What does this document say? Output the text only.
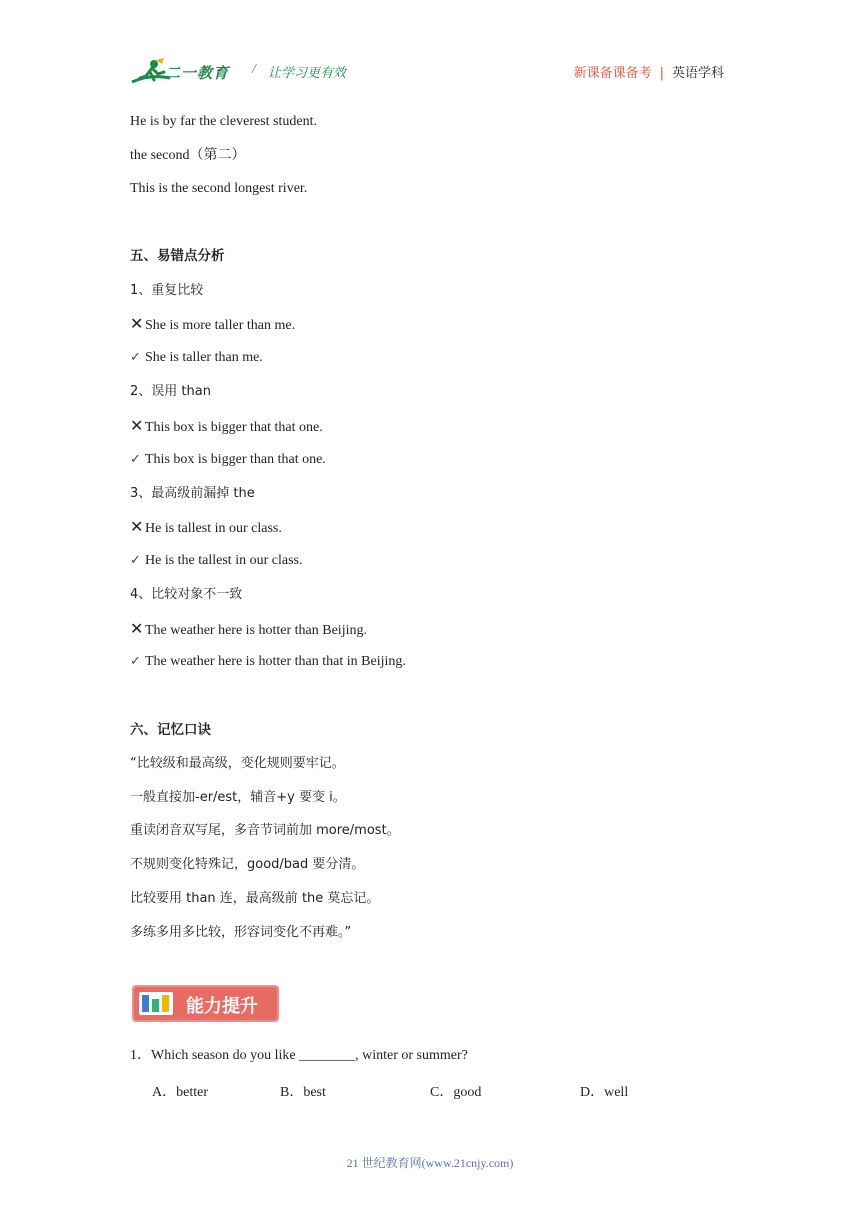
二一教育 / 让学习更有效	新课备课备考 | 英语学科
He is by far the cleverest student.
the second（第二）
This is the second longest river.
五、易错点分析
1、重复比较
✕ She is more taller than me.
✓ She is taller than me.
2、误用 than
✕ This box is bigger that that one.
✓ This box is bigger than that one.
3、最高级前漏掉 the
✕ He is tallest in our class.
✓ He is the tallest in our class.
4、比较对象不一致
✕ The weather here is hotter than Beijing.
✓ The weather here is hotter than that in Beijing.
六、记忆口诀
“比较级和最高级，变化规则要牢记。
一般直接加-er/est，辅音+y 要变 i。
重读闭音双写尾，多音节词前加 more/most。
不规则变化特殊记，good/bad 要分清。
比较要用 than 连，最高级前 the 莫忘记。
多练多用多比较，形容词变化不再难。”
能力提升
1．Which season do you like ________, winter or summer?
A．better	B．best	C．good	D．well
21 世纪教育网(www.21cnjy.com)
